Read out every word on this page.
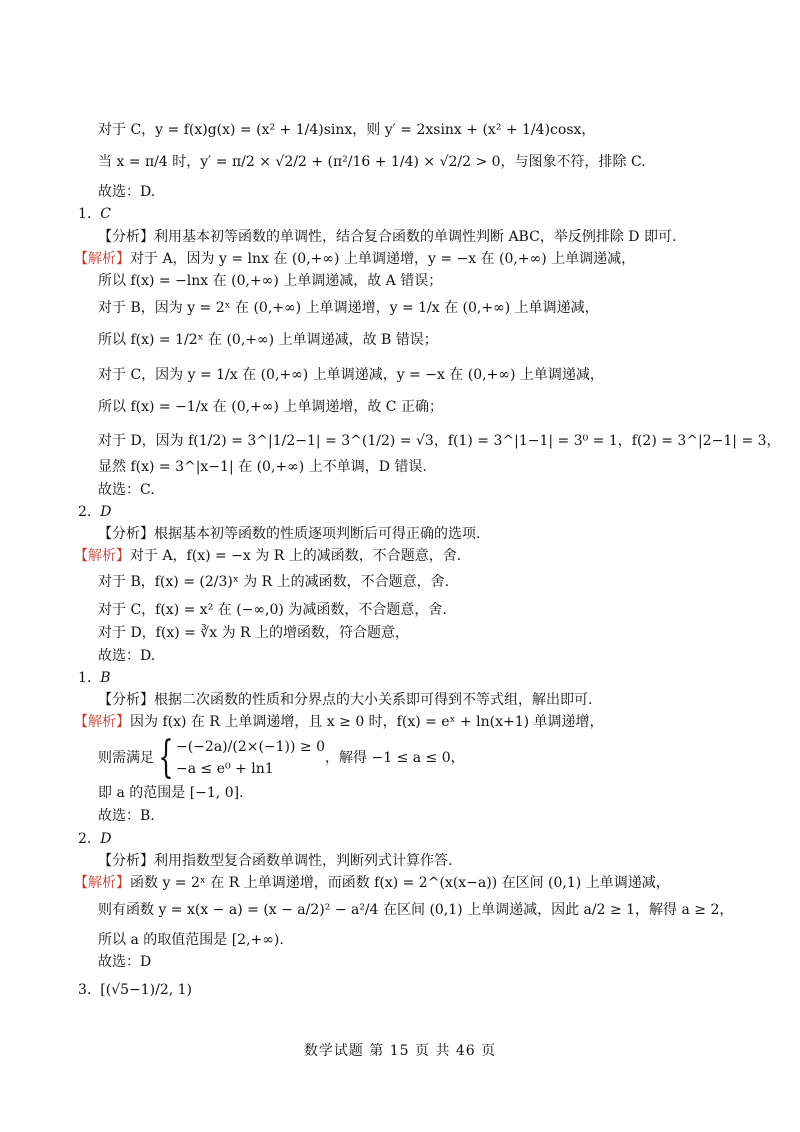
对于 C，y = f(x)g(x) = (x² + 1/4)sinx，则 y′ = 2xsinx + (x² + 1/4)cosx，
当 x = π/4 时，y′ = π/2 × √2/2 + (π²/16 + 1/4) × √2/2 > 0，与图象不符，排除 C.
故选：D.
1. C
【分析】利用基本初等函数的单调性，结合复合函数的单调性判断 ABC，举反例排除 D 即可.
【解析】对于 A，因为 y = lnx 在 (0,+∞) 上单调递增，y = −x 在 (0,+∞) 上单调递减，
所以 f(x) = −lnx 在 (0,+∞) 上单调递减，故 A 错误；
对于 B，因为 y = 2ˣ 在 (0,+∞) 上单调递增，y = 1/x 在 (0,+∞) 上单调递减，
所以 f(x) = 1/2ˣ 在 (0,+∞) 上单调递减，故 B 错误；
对于 C，因为 y = 1/x 在 (0,+∞) 上单调递减，y = −x 在 (0,+∞) 上单调递减，
所以 f(x) = −1/x 在 (0,+∞) 上单调递增，故 C 正确；
对于 D，因为 f(1/2) = 3^|1/2−1| = 3^(1/2) = √3，f(1) = 3^|1−1| = 3⁰ = 1，f(2) = 3^|2−1| = 3，
显然 f(x) = 3^|x−1| 在 (0,+∞) 上不单调，D 错误.
故选：C.
2. D
【分析】根据基本初等函数的性质逐项判断后可得正确的选项.
【解析】对于 A，f(x) = −x 为 R 上的减函数，不合题意，舍.
对于 B，f(x) = (2/3)ˣ 为 R 上的减函数，不合题意，舍.
对于 C，f(x) = x² 在 (−∞,0) 为减函数，不合题意，舍.
对于 D，f(x) = ∛x 为 R 上的增函数，符合题意，
故选：D.
1. B
【分析】根据二次函数的性质和分界点的大小关系即可得到不等式组，解出即可.
【解析】因为 f(x) 在 R 上单调递增，且 x ≥ 0 时，f(x) = eˣ + ln(x+1) 单调递增，
则需满足{ −(−2a)/(2×(−1)) ≥ 0
−a ≤ e⁰ + ln1
，解得 −1 ≤ a ≤ 0，
即 a 的范围是 [−1, 0].
故选：B.
2. D
【分析】利用指数型复合函数单调性，判断列式计算作答.
【解析】函数 y = 2ˣ 在 R 上单调递增，而函数 f(x) = 2^(x(x−a)) 在区间 (0,1) 上单调递减，
则有函数 y = x(x − a) = (x − a/2)² − a²/4 在区间 (0,1) 上单调递减，因此 a/2 ≥ 1，解得 a ≥ 2，
所以 a 的取值范围是 [2,+∞).
故选：D
3. [(√5−1)/2, 1)
数学试题 第 15 页 共 46 页
